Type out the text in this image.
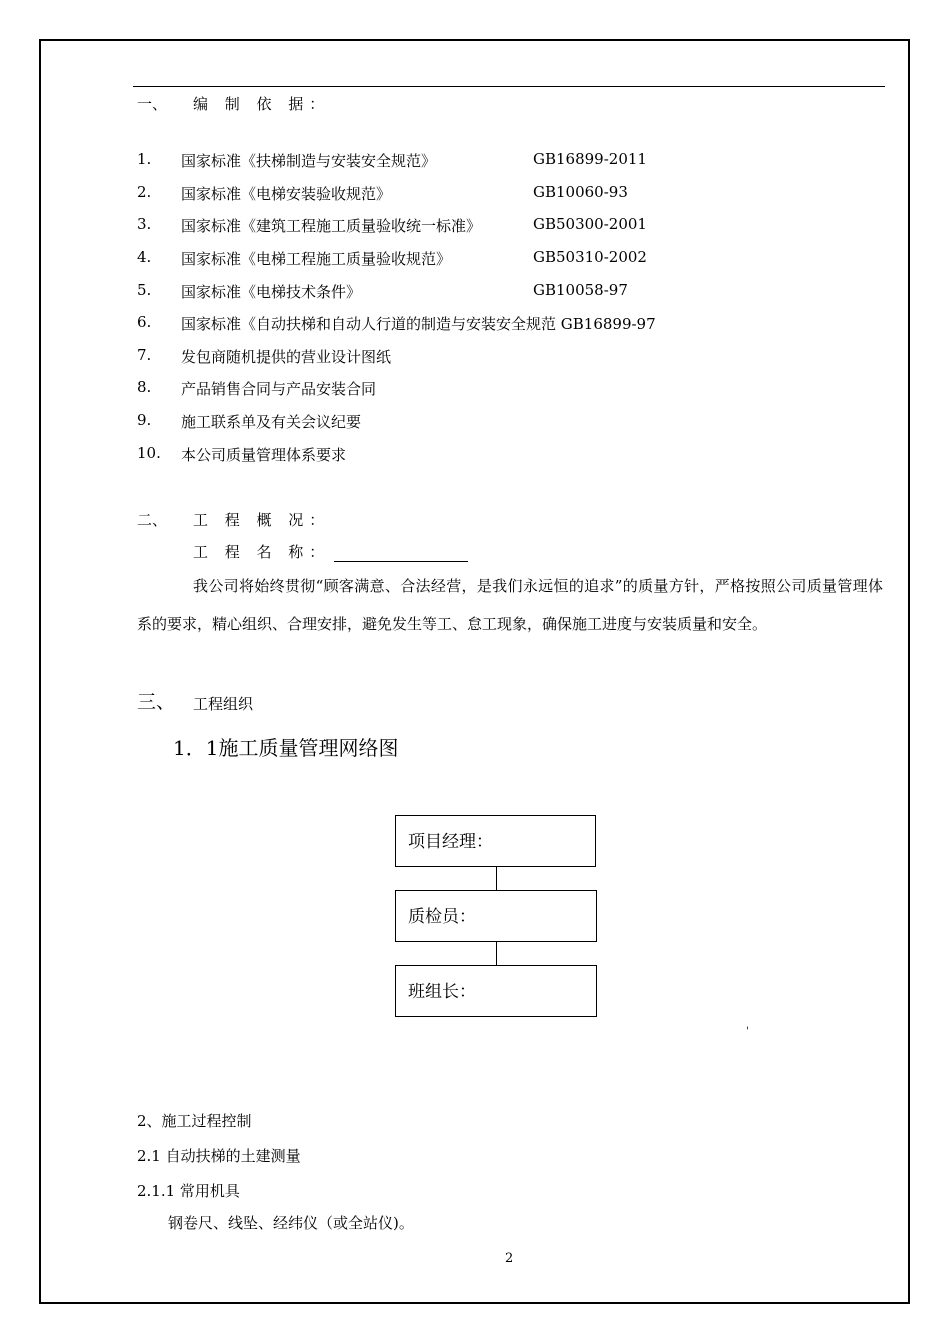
一、 编 制 依 据：
1. 国家标准《扶梯制造与安装安全规范》	GB16899-2011
2. 国家标准《电梯安装验收规范》	GB10060-93
3. 国家标准《建筑工程施工质量验收统一标准》	GB50300-2001
4. 国家标准《电梯工程施工质量验收规范》	GB50310-2002
5. 国家标准《电梯技术条件》	GB10058-97
6. 国家标准《自动扶梯和自动人行道的制造与安装安全规范 GB16899-97
7. 发包商随机提供的营业设计图纸
8. 产品销售合同与产品安装合同
9. 施工联系单及有关会议纪要
10. 本公司质量管理体系要求
二、 工 程 概 况：
工 程 名 称：
我公司将始终贯彻“顾客满意、合法经营，是我们永远恒的追求”的质量方针，严格按照公司质量管理体系的要求，精心组织、合理安排，避免发生等工、怠工现象，确保施工进度与安装质量和安全。
三、 工程组织
1．1施工质量管理网络图
项目经理：
质检员：
班组长：
'
2、施工过程控制
2.1 自动扶梯的土建测量
2.1.1 常用机具
钢卷尺、线坠、经纬仪（或全站仪)。
2
